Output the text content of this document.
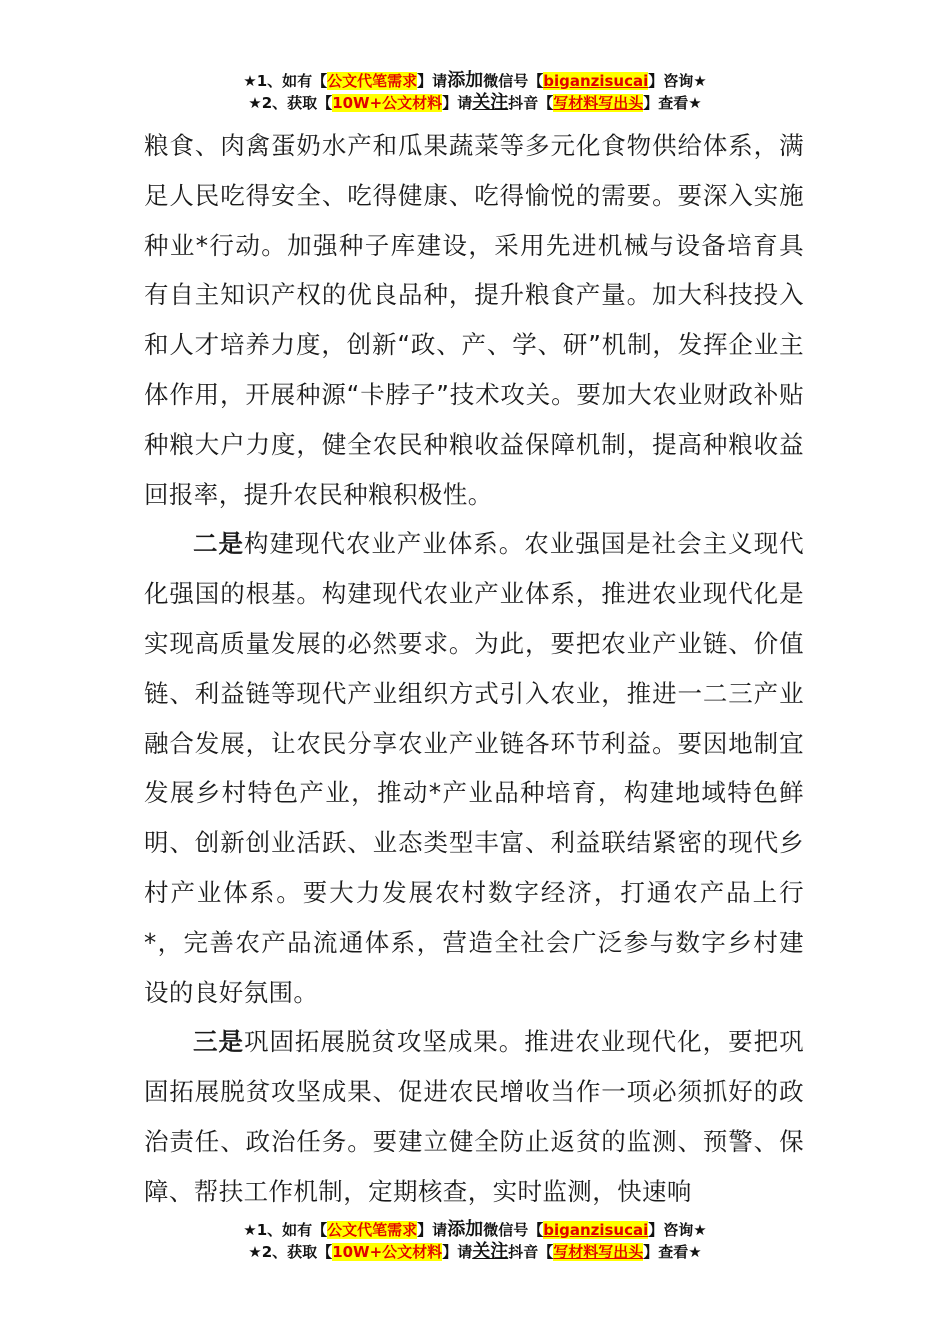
★1、如有【公文代笔需求】请添加微信号【biganzisucai】咨询★
★2、获取【10W+公文材料】请关注抖音【写材料写出头】查看★

粮食、肉禽蛋奶水产和瓜果蔬菜等多元化食物供给体系，满足人民吃得安全、吃得健康、吃得愉悦的需要。要深入实施种业*行动。加强种子库建设，采用先进机械与设备培育具有自主知识产权的优良品种，提升粮食产量。加大科技投入和人才培养力度，创新“政、产、学、研”机制，发挥企业主体作用，开展种源“卡脖子”技术攻关。要加大农业财政补贴种粮大户力度，健全农民种粮收益保障机制，提高种粮收益回报率，提升农民种粮积极性。

二是构建现代农业产业体系。农业强国是社会主义现代化强国的根基。构建现代农业产业体系，推进农业现代化是实现高质量发展的必然要求。为此，要把农业产业链、价值链、利益链等现代产业组织方式引入农业，推进一二三产业融合发展，让农民分享农业产业链各环节利益。要因地制宜发展乡村特色产业，推动*产业品种培育，构建地域特色鲜明、创新创业活跃、业态类型丰富、利益联结紧密的现代乡村产业体系。要大力发展农村数字经济，打通农产品上行*，完善农产品流通体系，营造全社会广泛参与数字乡村建设的良好氛围。

三是巩固拓展脱贫攻坚成果。推进农业现代化，要把巩固拓展脱贫攻坚成果、促进农民增收当作一项必须抓好的政治责任、政治任务。要建立健全防止返贫的监测、预警、保障、帮扶工作机制，定期核查，实时监测，快速响

★1、如有【公文代笔需求】请添加微信号【biganzisucai】咨询★
★2、获取【10W+公文材料】请关注抖音【写材料写出头】查看★
